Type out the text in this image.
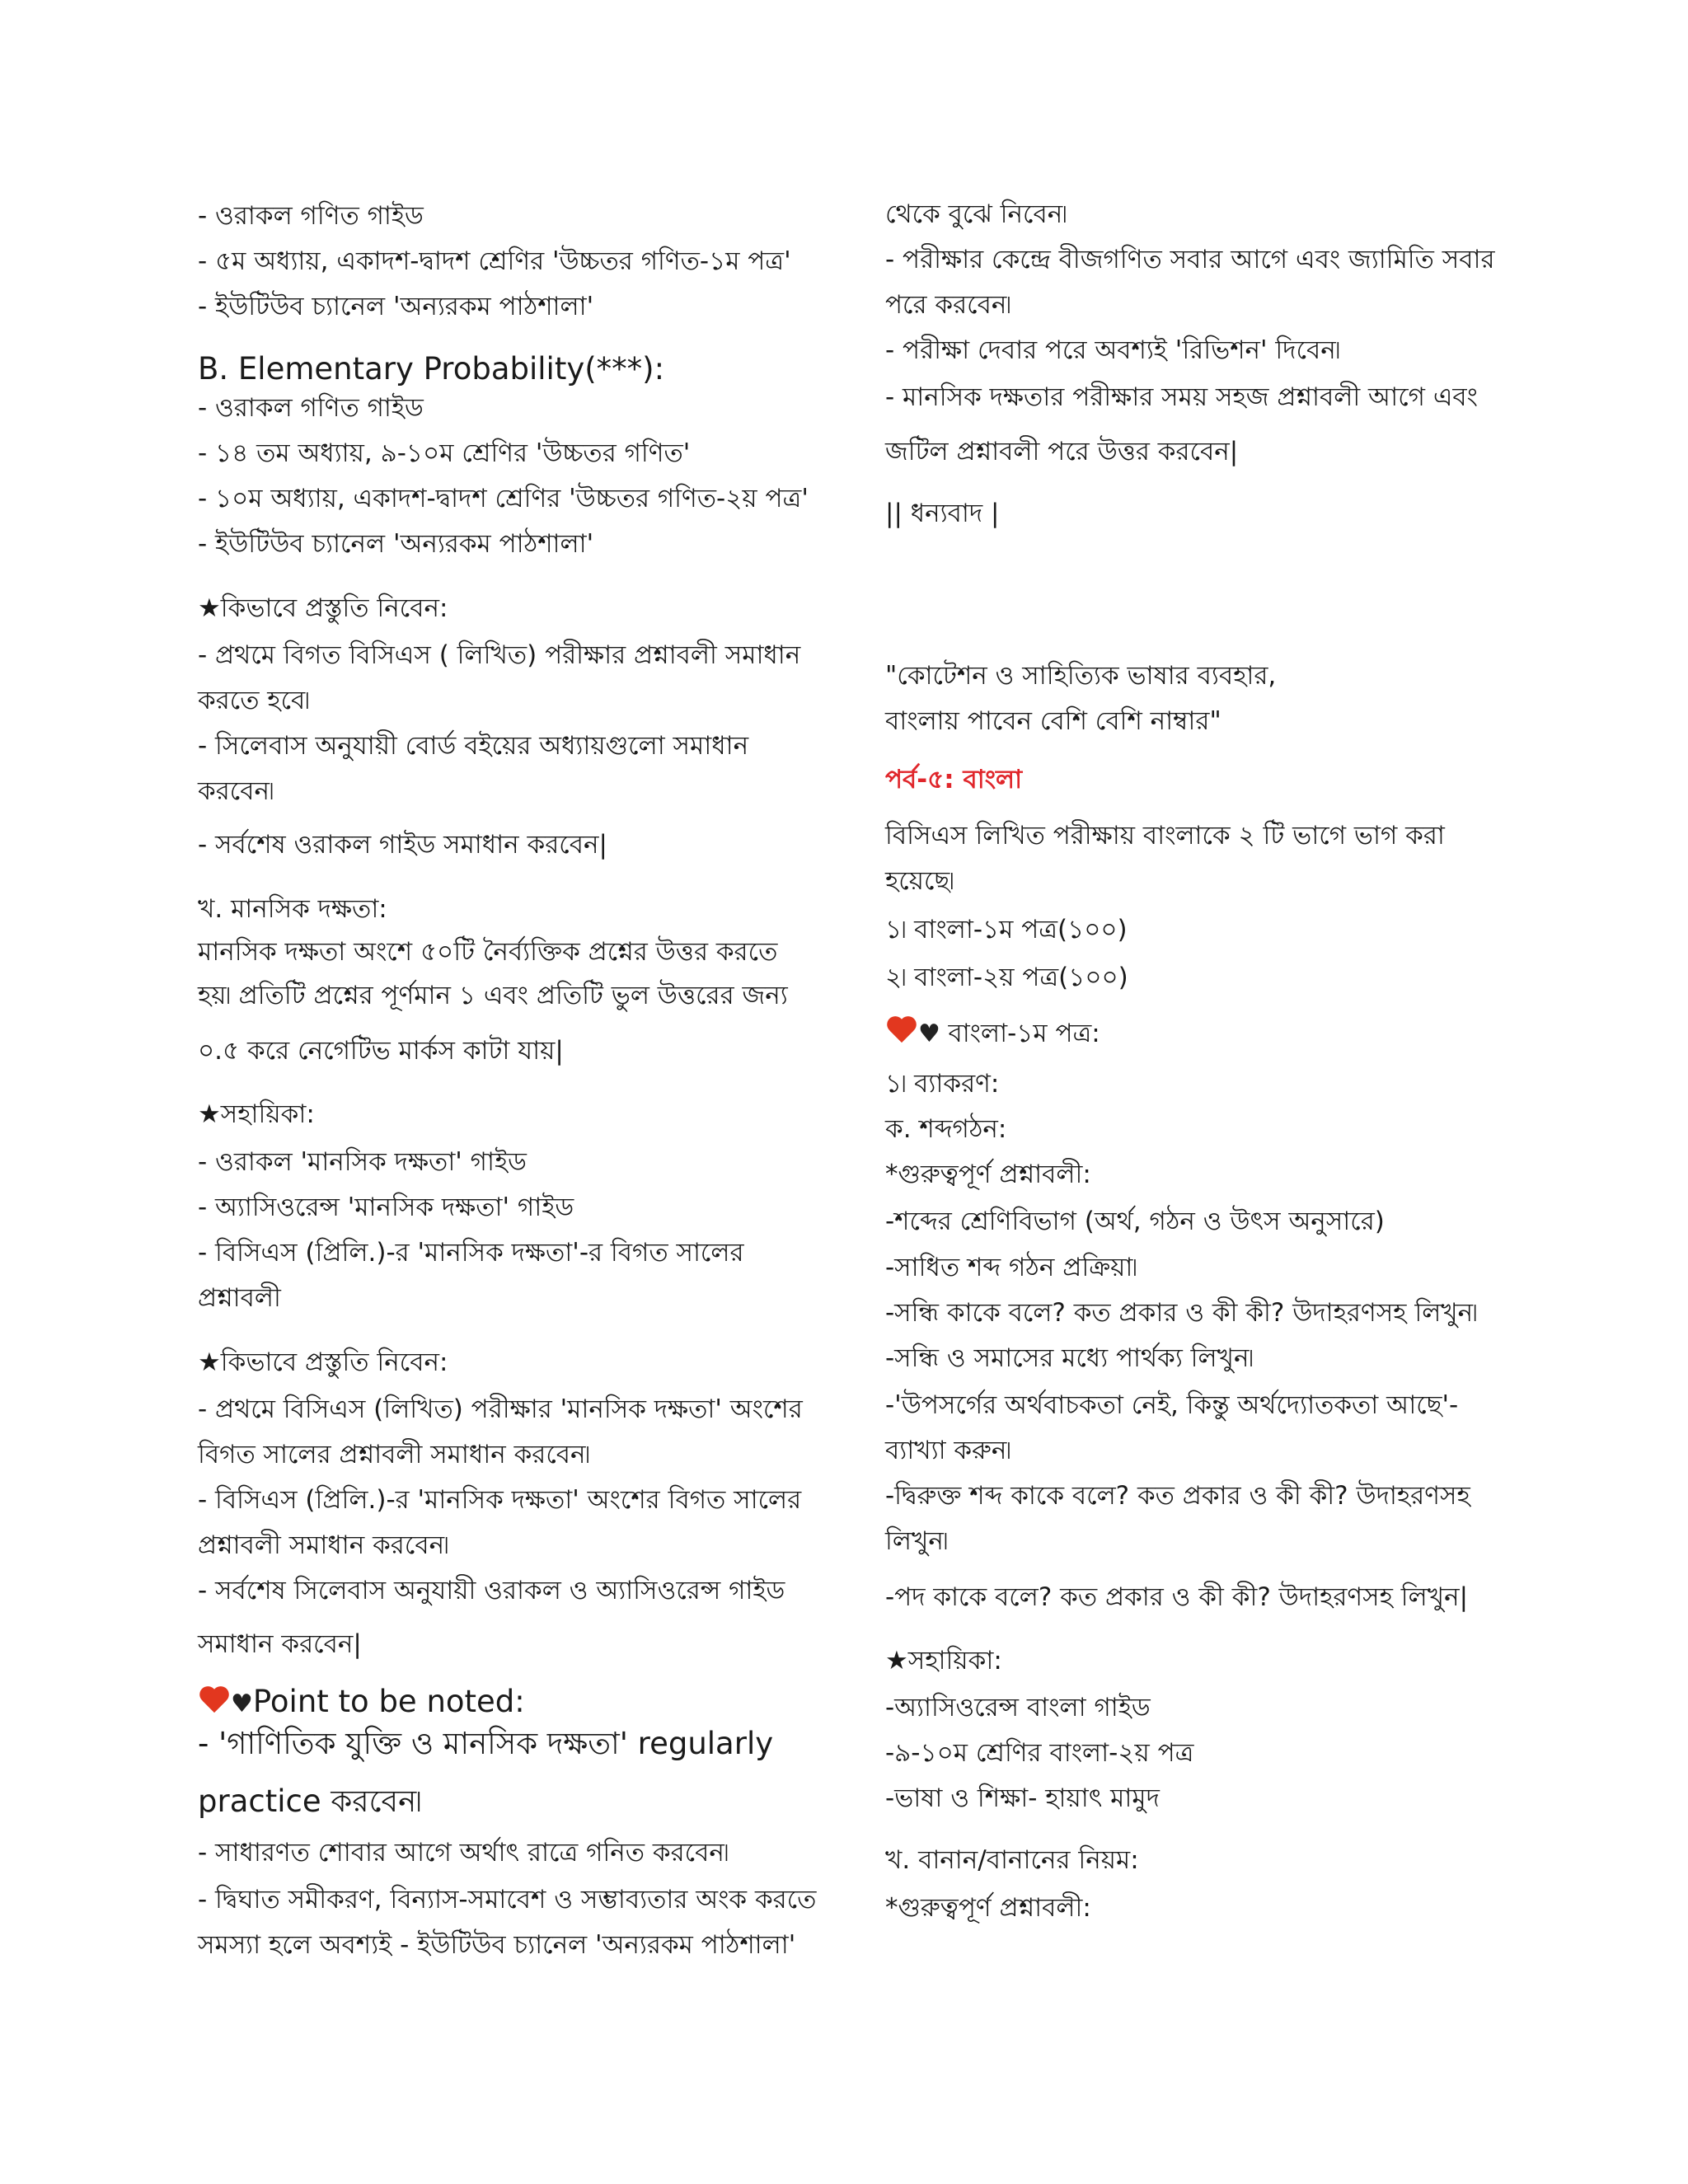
- ওরাকল গণিত গাইড
- ৫ম অধ্যায়, একাদশ-দ্বাদশ শ্রেণির 'উচ্চতর গণিত-১ম পত্র'
- ইউটিউব চ্যানেল 'অন্যরকম পাঠশালা'
B. Elementary Probability(***):
- ওরাকল গণিত গাইড
- ১৪ তম অধ্যায়, ৯-১০ম শ্রেণির 'উচ্চতর গণিত'
- ১০ম অধ্যায়, একাদশ-দ্বাদশ শ্রেণির 'উচ্চতর গণিত-২য় পত্র'
- ইউটিউব চ্যানেল 'অন্যরকম পাঠশালা'
★কিভাবে প্রস্তুতি নিবেন:
- প্রথমে বিগত বিসিএস ( লিখিত) পরীক্ষার প্রশ্নাবলী সমাধান
করতে হবে৷
- সিলেবাস অনুযায়ী বোর্ড বইয়ের অধ্যায়গুলো সমাধান
করবেন৷
- সর্বশেষ ওরাকল গাইড সমাধান করবেন|
খ. মানসিক দক্ষতা:
মানসিক দক্ষতা অংশে ৫০টি নৈর্ব্যক্তিক প্রশ্নের উত্তর করতে
হয়৷ প্রতিটি প্রশ্নের পূর্ণমান ১ এবং প্রতিটি ভুল উত্তরের জন্য
০.৫ করে নেগেটিভ মার্কস কাটা যায়|
★সহায়িকা:
- ওরাকল 'মানসিক দক্ষতা' গাইড
- অ্যাসিওরেন্স 'মানসিক দক্ষতা' গাইড
- বিসিএস (প্রিলি.)-র 'মানসিক দক্ষতা'-র বিগত সালের
প্রশ্নাবলী
★কিভাবে প্রস্তুতি নিবেন:
- প্রথমে বিসিএস (লিখিত) পরীক্ষার 'মানসিক দক্ষতা' অংশের
বিগত সালের প্রশ্নাবলী সমাধান করবেন৷
- বিসিএস (প্রিলি.)-র 'মানসিক দক্ষতা' অংশের বিগত সালের
প্রশ্নাবলী সমাধান করবেন৷
- সর্বশেষ সিলেবাস অনুযায়ী ওরাকল ও অ্যাসিওরেন্স গাইড
সমাধান করবেন|
♥Point to be noted:
- 'গাণিতিক যুক্তি ও মানসিক দক্ষতা' regularly
practice করবেন৷
- সাধারণত শোবার আগে অর্থাৎ রাত্রে গনিত করবেন৷
- দ্বিঘাত সমীকরণ, বিন্যাস-সমাবেশ ও সম্ভাব্যতার অংক করতে
সমস্যা হলে অবশ্যই - ইউটিউব চ্যানেল 'অন্যরকম পাঠশালা'
থেকে বুঝে নিবেন৷
- পরীক্ষার কেন্দ্রে বীজগণিত সবার আগে এবং জ্যামিতি সবার
পরে করবেন৷
- পরীক্ষা দেবার পরে অবশ্যই 'রিভিশন' দিবেন৷
- মানসিক দক্ষতার পরীক্ষার সময় সহজ প্রশ্নাবলী আগে এবং
জটিল প্রশ্নাবলী পরে উত্তর করবেন|
|| ধন্যবাদ |
"কোটেশন ও সাহিত্যিক ভাষার ব্যবহার,
বাংলায় পাবেন বেশি বেশি নাম্বার"
পর্ব-৫: বাংলা
বিসিএস লিখিত পরীক্ষায় বাংলাকে ২ টি ভাগে ভাগ করা
হয়েছে৷
১৷ বাংলা-১ম পত্র(১০০)
২৷ বাংলা-২য় পত্র(১০০)
♥ বাংলা-১ম পত্র:
১৷ ব্যাকরণ:
ক. শব্দগঠন:
*গুরুত্বপূর্ণ প্রশ্নাবলী:
-শব্দের শ্রেণিবিভাগ (অর্থ, গঠন ও উৎস অনুসারে)
-সাধিত শব্দ গঠন প্রক্রিয়া৷
-সন্ধি কাকে বলে? কত প্রকার ও কী কী? উদাহরণসহ লিখুন৷
-সন্ধি ও সমাসের মধ্যে পার্থক্য লিখুন৷
-'উপসর্গের অর্থবাচকতা নেই, কিন্তু অর্থদ্যোতকতা আছে'-
ব্যাখ্যা করুন৷
-দ্বিরুক্ত শব্দ কাকে বলে? কত প্রকার ও কী কী? উদাহরণসহ
লিখুন৷
-পদ কাকে বলে? কত প্রকার ও কী কী? উদাহরণসহ লিখুন|
★সহায়িকা:
-অ্যাসিওরেন্স বাংলা গাইড
-৯-১০ম শ্রেণির বাংলা-২য় পত্র
-ভাষা ও শিক্ষা- হায়াৎ মামুদ
খ. বানান/বানানের নিয়ম:
*গুরুত্বপূর্ণ প্রশ্নাবলী:
